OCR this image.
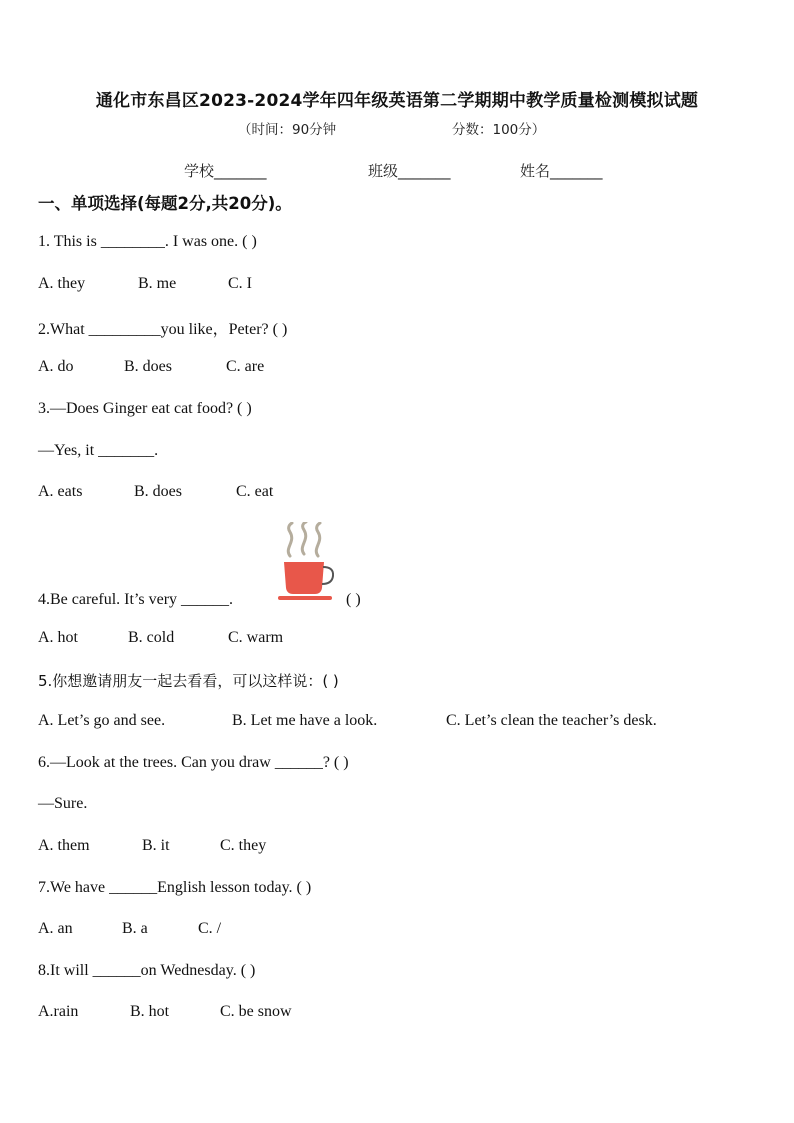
通化市东昌区2023-2024学年四年级英语第二学期期中教学质量检测模拟试题
（时间：90分钟	分数：100分）
学校_______	班级_______	姓名_______
一、单项选择(每题2分,共20分)。
1. This is ________. I was one. ( )
A. they	B. me	C. I
2.What _________you like，Peter? ( )
A. do	B. does	C. are
3.—Does Ginger eat cat food? ( )
—Yes, it _______.
A. eats	B. does	C. eat
4.Be careful. It’s very ______.	( )
A. hot	B. cold	C. warm
5.你想邀请朋友一起去看看，可以这样说：( )
A. Let’s go and see.	B. Let me have a look.	C. Let’s clean the teacher’s desk.
6.—Look at the trees. Can you draw ______? ( )
—Sure.
A. them	B. it	C. they
7.We have ______English lesson today. ( )
A. an	B. a	C. /
8.It will ______on Wednesday. ( )
A.rain	B. hot	C. be snow
